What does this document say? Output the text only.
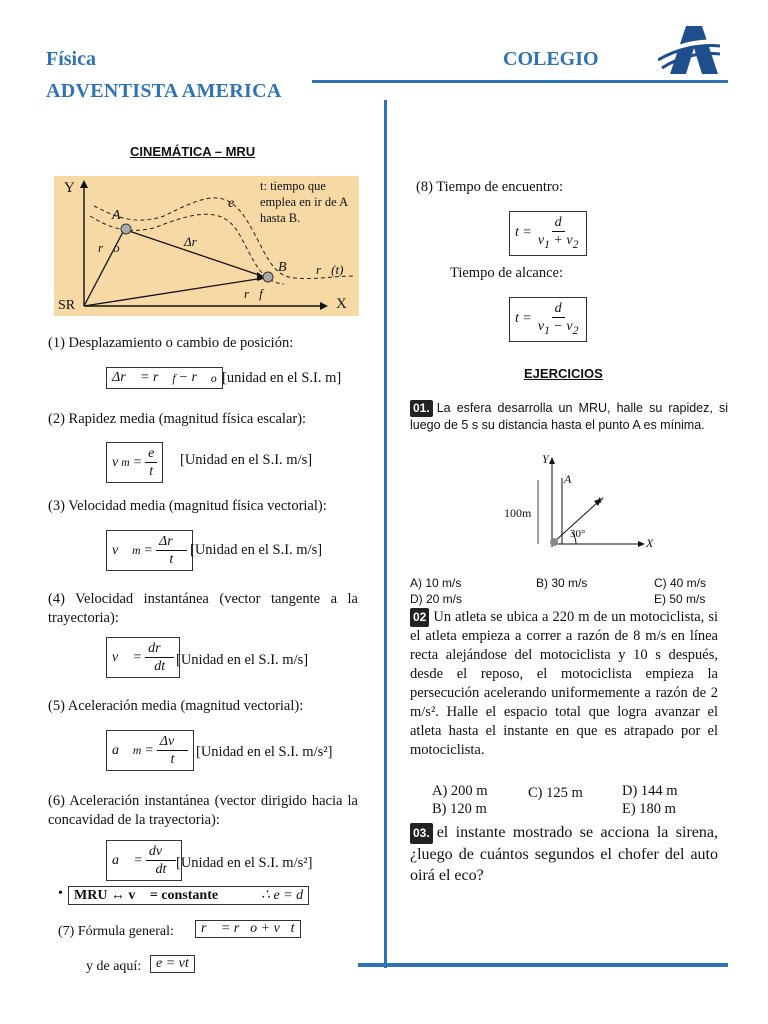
Física
ADVENTISTA AMERICA
COLEGIO
CINEMÁTICA – MRU
Y
X
SR
A
B
e
r⃗o
r⃗f
Δr⃗
r⃗(t)
t: tiempo que emplea en ir de A hasta B.
(1) Desplazamiento o cambio de posición:
Δr⃗ = r⃗ f − r⃗ o [unidad en el S.I. m]
(2) Rapidez media (magnitud física escalar):
v $m = \frac{e}{t}$ [Unidad en el S.I. m/s]
(3) Velocidad media (magnitud física vectorial):
v⃗ $m = \frac{\Delta r⃗}{t}$ [Unidad en el S.I. m/s]
(4) Velocidad instantánea (vector tangente a la trayectoria):
v⃗ = $\frac{dr⃗}{dt}$ [Unidad en el S.I. m/s]
(5) Aceleración media (magnitud vectorial):
a⃗ $m = \frac{\Delta v⃗}{t}$ [Unidad en el S.I. m/s²]
(6) Aceleración instantánea (vector dirigido hacia la concavidad de la trayectoria):
a⃗ = $\frac{dv⃗}{dt}$ [Unidad en el S.I. m/s²]
• MRU ↔ v⃗ = constante	∴ e = d
(7) Fórmula general:	r⃗ = r⃗o + v⃗t
y de aquí:	e = vt
(8) Tiempo de encuentro:
$t = \frac{d}{v_1 + v_2}$
Tiempo de alcance:
$t = \frac{d}{v_1 - v_2}$
EJERCICIOS
01. La esfera desarrolla un MRU, halle su rapidez, si luego de 5 s su distancia hasta el punto A es mínima.
Y
X
A
v
100m
30°
A) 10 m/s	B) 30 m/s	C) 40 m/s
D) 20 m/s	E) 50 m/s
02 Un atleta se ubica a 220 m de un motociclista, si el atleta empieza a correr a razón de 8 m/s en línea recta alejándose del motociclista y 10 s después, desde el reposo, el motociclista empieza la persecución acelerando uniformemente a razón de 2 m/s². Halle el espacio total que logra avanzar el atleta hasta el instante en que es atrapado por el motociclista.
A) 200 m
B) 120 m
C) 125 m	D) 144 m
E) 180 m
03. el instante mostrado se acciona la sirena, ¿luego de cuántos segundos el chofer del auto oirá el eco?
